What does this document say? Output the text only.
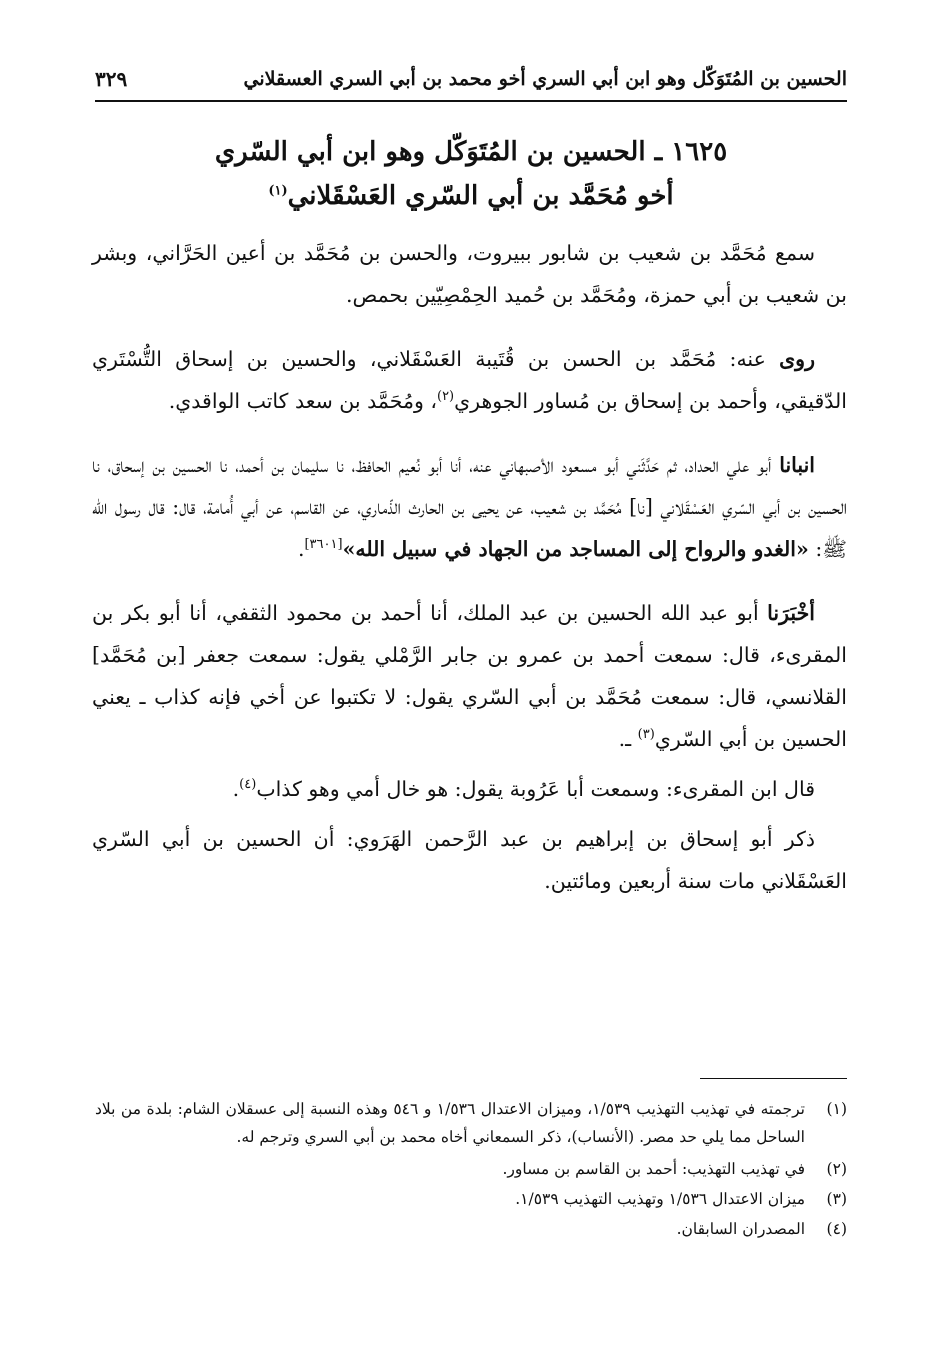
الحسين بن المُتَوَكّل وهو ابن أبي السري أخو محمد بن أبي السري العسقلاني
٣٢٩
١٦٢٥ ـ الحسين بن المُتَوَكّل وهو ابن أبي السّري
أخو مُحَمَّد بن أبي السّري العَسْقَلاني$^{(١)}$

سمع مُحَمَّد بن شعيب بن شابور ببيروت، والحسن بن مُحَمَّد بن أعين الحَرَّاني، وبشر بن شعيب بن أبي حمزة، ومُحَمَّد بن حُميد الحِمْصِيّين بحمص.

روى عنه: مُحَمَّد بن الحسن بن قُتَيبة العَسْقَلاني، والحسين بن إسحاق التُّسْتَري الدّقيقي، وأحمد بن إسحاق بن مُساور الجوهري$^{(٢)}$، ومُحَمَّد بن سعد كاتب الواقدي.

انبانا أبو علي الحداد، ثم حَدَّثَني أبو مسعود الأصبهاني عنه، أنا أبو نُعيم الحافظ، نا سليمان بن أحمد، نا الحسين بن إسحاق، نا الحسين بن أبي السّري العَسْقَلاني [نا] مُحَمَّد بن شعيب، عن يحيى بن الحارث الذّماري، عن القاسم، عن أبي أُمامة، قال: قال رسول الله ﷺ: «الغدو والرواح إلى المساجد من الجهاد في سبيل الله»[٣٦٠١].

أخْبَرَنا أبو عبد الله الحسين بن عبد الملك، أنا أحمد بن محمود الثقفي، أنا أبو بكر بن المقرىء، قال: سمعت أحمد بن عمرو بن جابر الرَّمْلي يقول: سمعت جعفر [بن مُحَمَّد] القلانسي، قال: سمعت مُحَمَّد بن أبي السّري يقول: لا تكتبوا عن أخي فإنه كذاب ـ يعني الحسين بن أبي السّري$^{(٣)}$ ـ.

قال ابن المقرىء: وسمعت أبا عَرُوبة يقول: هو خال أمي وهو كذاب$^{(٤)}$.

ذكر أبو إسحاق بن إبراهيم بن عبد الرَّحمن الهَرَوي: أن الحسين بن أبي السّري العَسْقَلاني مات سنة أربعين ومائتين.

(١)
ترجمته في تهذيب التهذيب ١/٥٣٩، وميزان الاعتدال ١/٥٣٦ و ٥٤٦ وهذه النسبة إلى عسقلان الشام: بلدة من بلاد الساحل مما يلي حد مصر. (الأنساب)، ذكر السمعاني أخاه محمد بن أبي السري وترجم له.
(٢)
في تهذيب التهذيب: أحمد بن القاسم بن مساور.
(٣)
ميزان الاعتدال ١/٥٣٦ وتهذيب التهذيب ١/٥٣٩.
(٤)
المصدران السابقان.
